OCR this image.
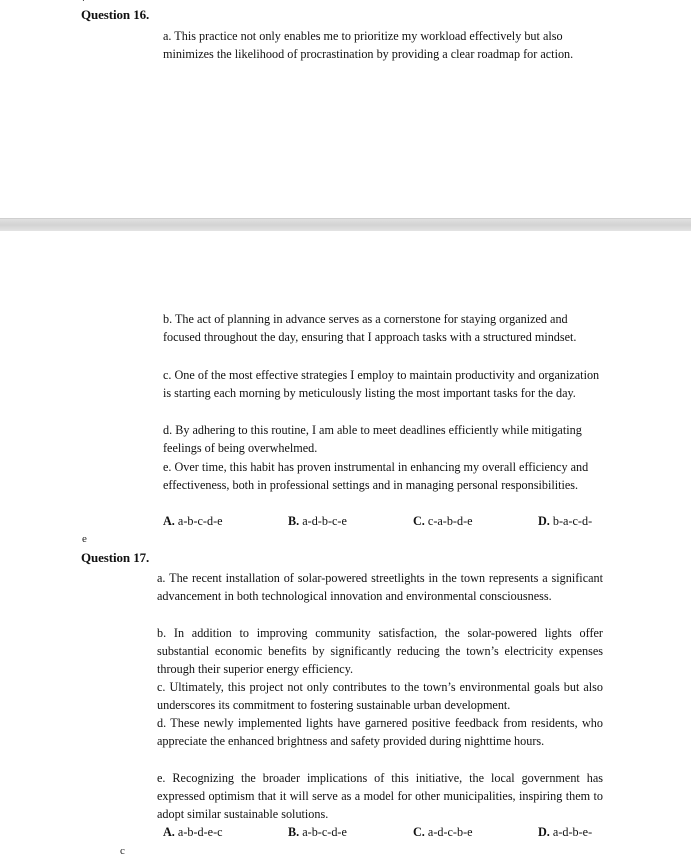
‘
Question 16.

a. This practice not only enables me to prioritize my workload effectively but also minimizes the likelihood of procrastination by providing a clear roadmap for action.

b. The act of planning in advance serves as a cornerstone for staying organized and focused throughout the day, ensuring that I approach tasks with a structured mindset.

c. One of the most effective strategies I employ to maintain productivity and organization is starting each morning by meticulously listing the most important tasks for the day.

d. By adhering to this routine, I am able to meet deadlines efficiently while mitigating feelings of being overwhelmed.

e. Over time, this habit has proven instrumental in enhancing my overall efficiency and effectiveness, both in professional settings and in managing personal responsibilities.

A. a-b-c-d-e	B. a-d-b-c-e	C. c-a-b-d-e	D. b-a-c-d-
e
Question 17.

a. The recent installation of solar-powered streetlights in the town represents a significant advancement in both technological innovation and environmental consciousness.

b. In addition to improving community satisfaction, the solar-powered lights offer substantial economic benefits by significantly reducing the town’s electricity expenses through their superior energy efficiency.

c. Ultimately, this project not only contributes to the town’s environmental goals but also underscores its commitment to fostering sustainable urban development.

d. These newly implemented lights have garnered positive feedback from residents, who appreciate the enhanced brightness and safety provided during nighttime hours.

e. Recognizing the broader implications of this initiative, the local government has expressed optimism that it will serve as a model for other municipalities, inspiring them to adopt similar sustainable solutions.

A. a-b-d-e-c	B. a-b-c-d-e	C. a-d-c-b-e	D. a-d-b-e-
c
